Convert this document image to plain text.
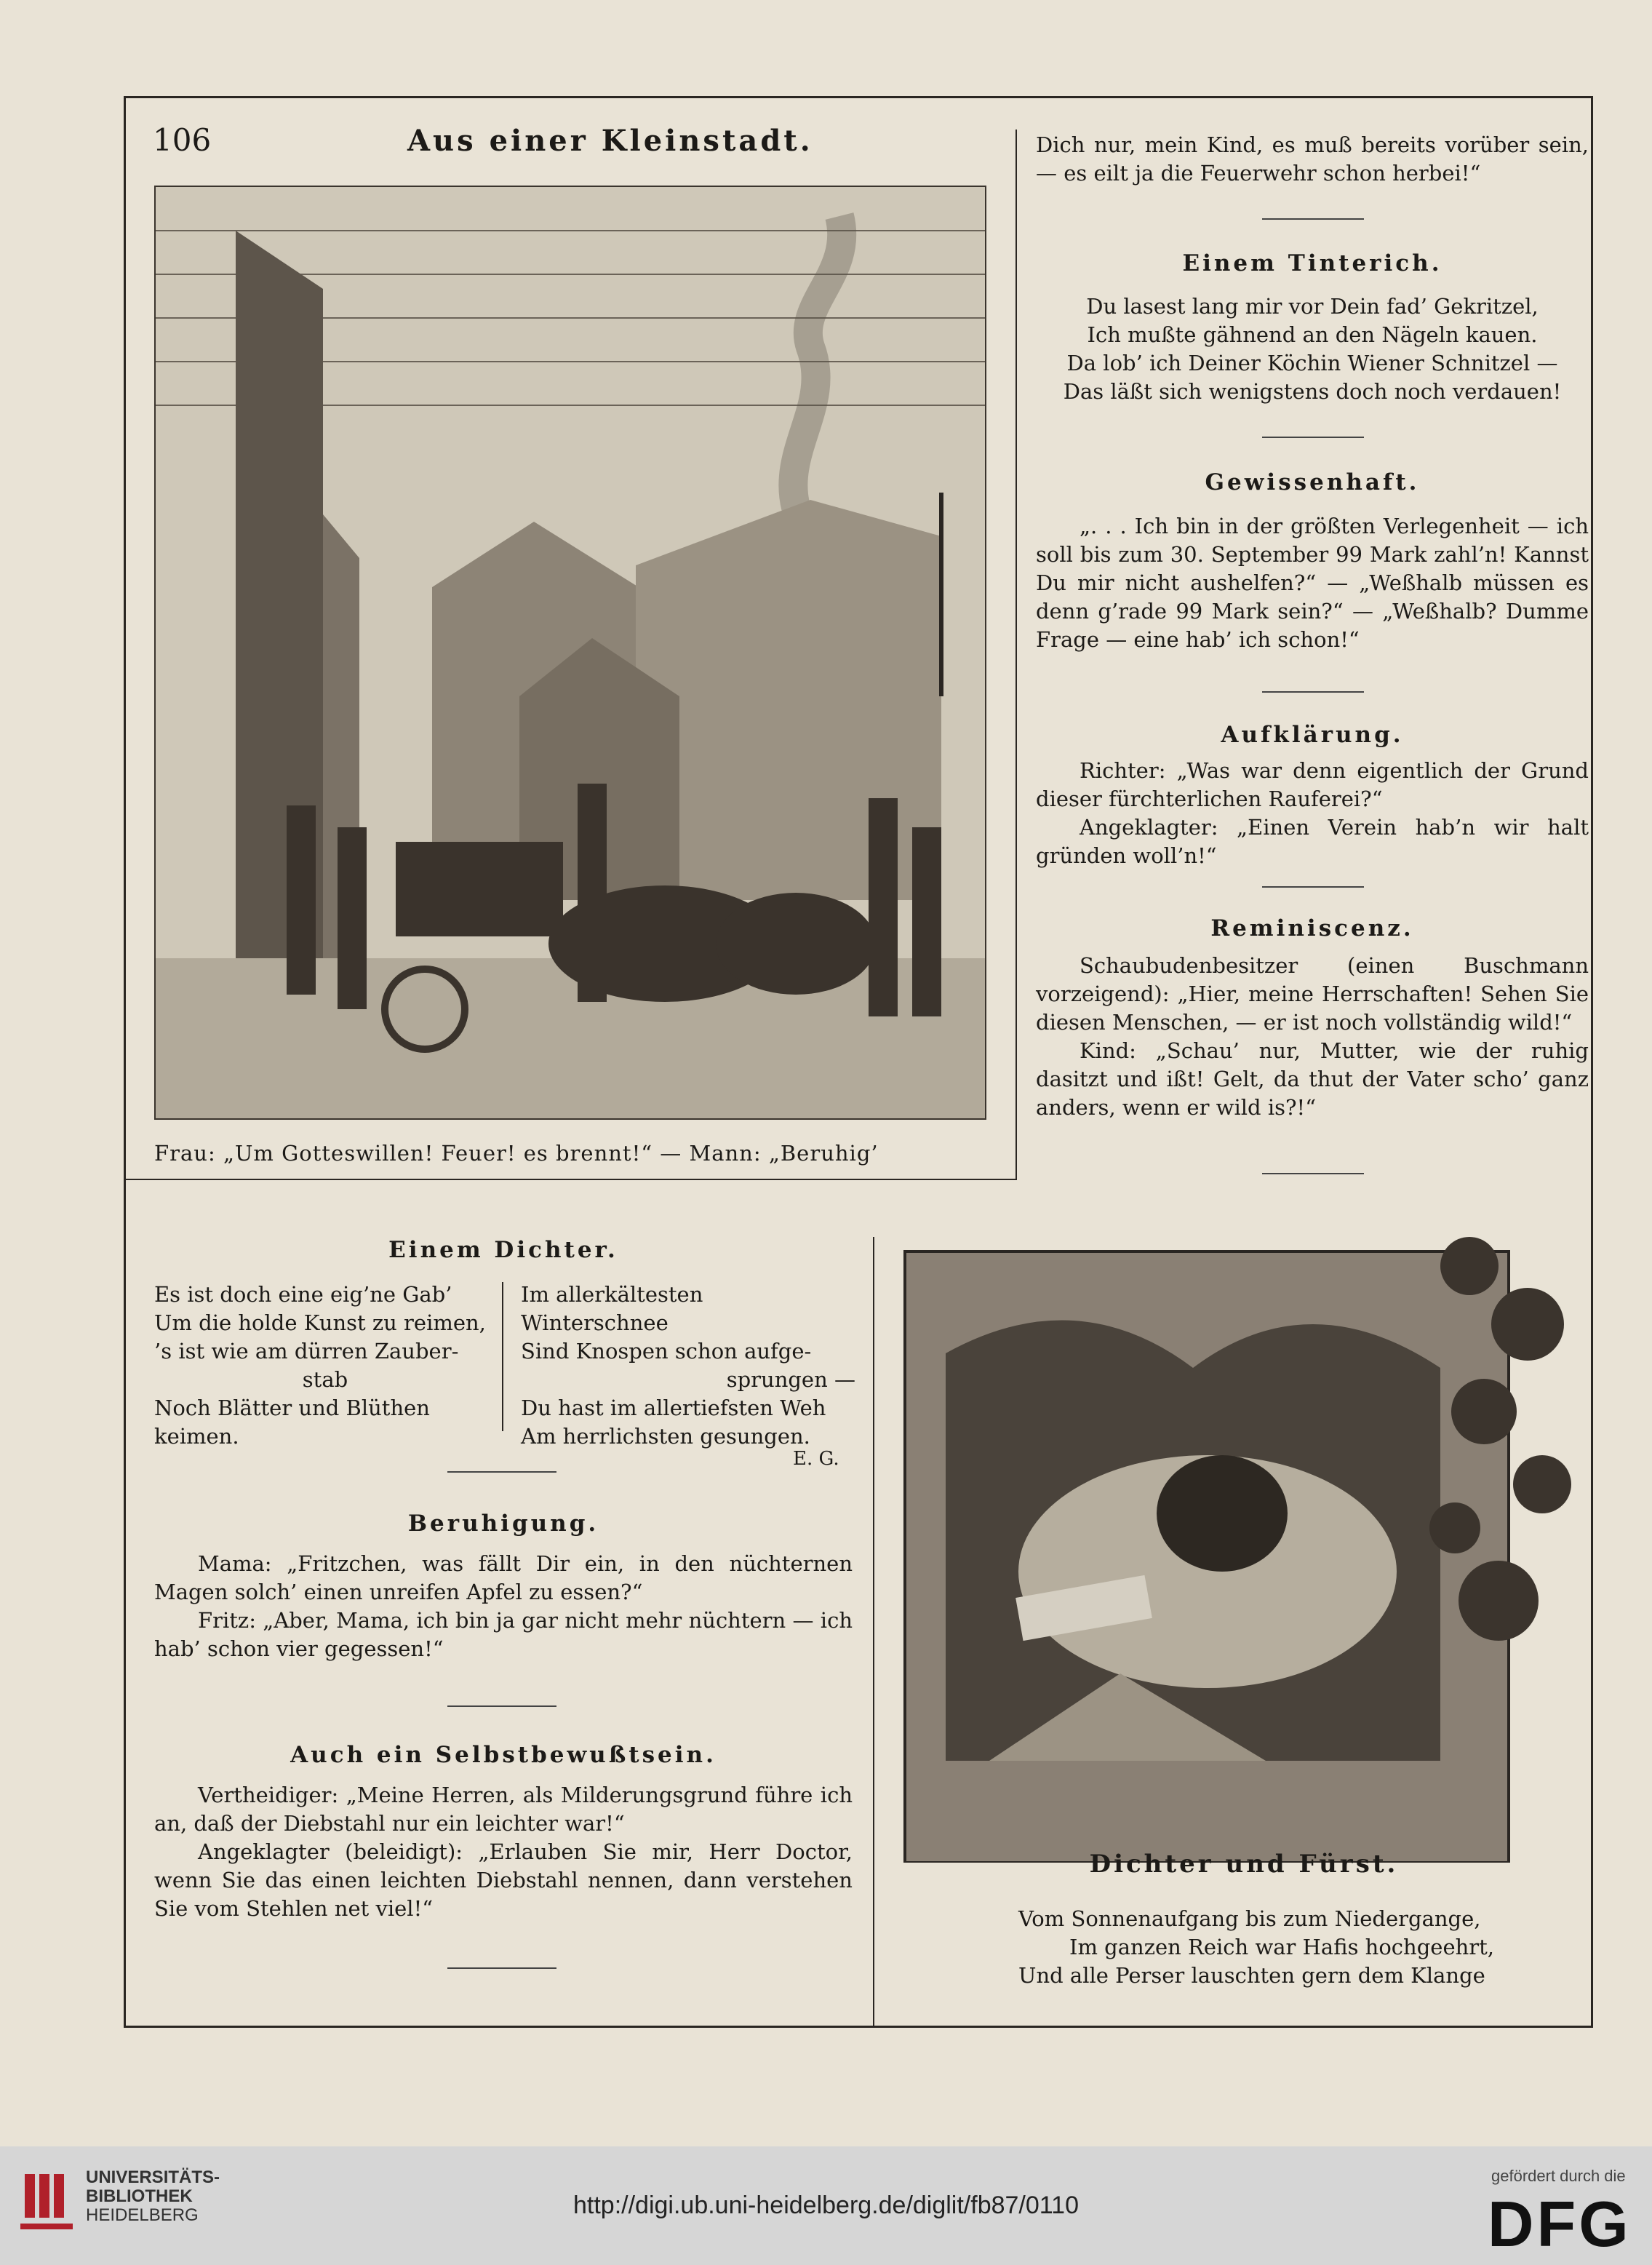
106	Aus einer Kleinstadt.
Frau: „Um Gotteswillen! Feuer! es brennt!“ — Mann: „Beruhig’
Dich nur, mein Kind, es muß bereits vorüber sein, — es eilt ja die Feuerwehr schon herbei!“
Einem Tinterich.

Du lasest lang mir vor Dein fad’ Gekritzel,

Ich mußte gähnend an den Nägeln kauen.

Da lob’ ich Deiner Köchin Wiener Schnitzel —

Das läßt sich wenigstens doch noch verdauen!

Gewissenhaft.
„. . . Ich bin in der größten Verlegenheit — ich soll bis zum 30. September 99 Mark zahl’n! Kannst Du mir nicht aushelfen?“ — „Weßhalb müssen es denn g’rade 99 Mark sein?“ — „Weßhalb? Dumme Frage — eine hab’ ich schon!“
Aufklärung.

Richter: „Was war denn eigentlich der Grund dieser fürchterlichen Rauferei?“

Angeklagter: „Einen Verein hab’n wir halt gründen woll’n!“

Reminiscenz.

Schaubudenbesitzer (einen Buschmann vorzeigend): „Hier, meine Herrschaften! Sehen Sie diesen Menschen, — er ist noch vollständig wild!“

Kind: „Schau’ nur, Mutter, wie der ruhig dasitzt und ißt! Gelt, da thut der Vater scho’ ganz anders, wenn er wild is?!“

Einem Dichter.

Es ist doch eine eig’ne Gab’

Um die holde Kunst zu reimen,

’s ist wie am dürren Zauber-

stab

Noch Blätter und Blüthen keimen.

Im allerkältesten Winterschnee

Sind Knospen schon aufge-

sprungen —

Du hast im allertiefsten Weh

Am herrlichsten gesungen.

E. G.
Beruhigung.

Mama: „Fritzchen, was fällt Dir ein, in den nüchternen Magen solch’ einen unreifen Apfel zu essen?“

Fritz: „Aber, Mama, ich bin ja gar nicht mehr nüchtern — ich hab’ schon vier gegessen!“

Auch ein Selbstbewußtsein.

Vertheidiger: „Meine Herren, als Milderungsgrund führe ich an, daß der Diebstahl nur ein leichter war!“

Angeklagter (beleidigt): „Erlauben Sie mir, Herr Doctor, wenn Sie das einen leichten Diebstahl nennen, dann verstehen Sie vom Stehlen net viel!“

Dichter und Fürst.

Vom Sonnenaufgang bis zum Niedergange,

Im ganzen Reich war Hafis hochgeehrt,

Und alle Perser lauschten gern dem Klange

UNIVERSITÄTS-
BIBLIOTHEK
HEIDELBERG	http://digi.ub.uni-heidelberg.de/diglit/fb87/0110
gefördert durch die
DFG
